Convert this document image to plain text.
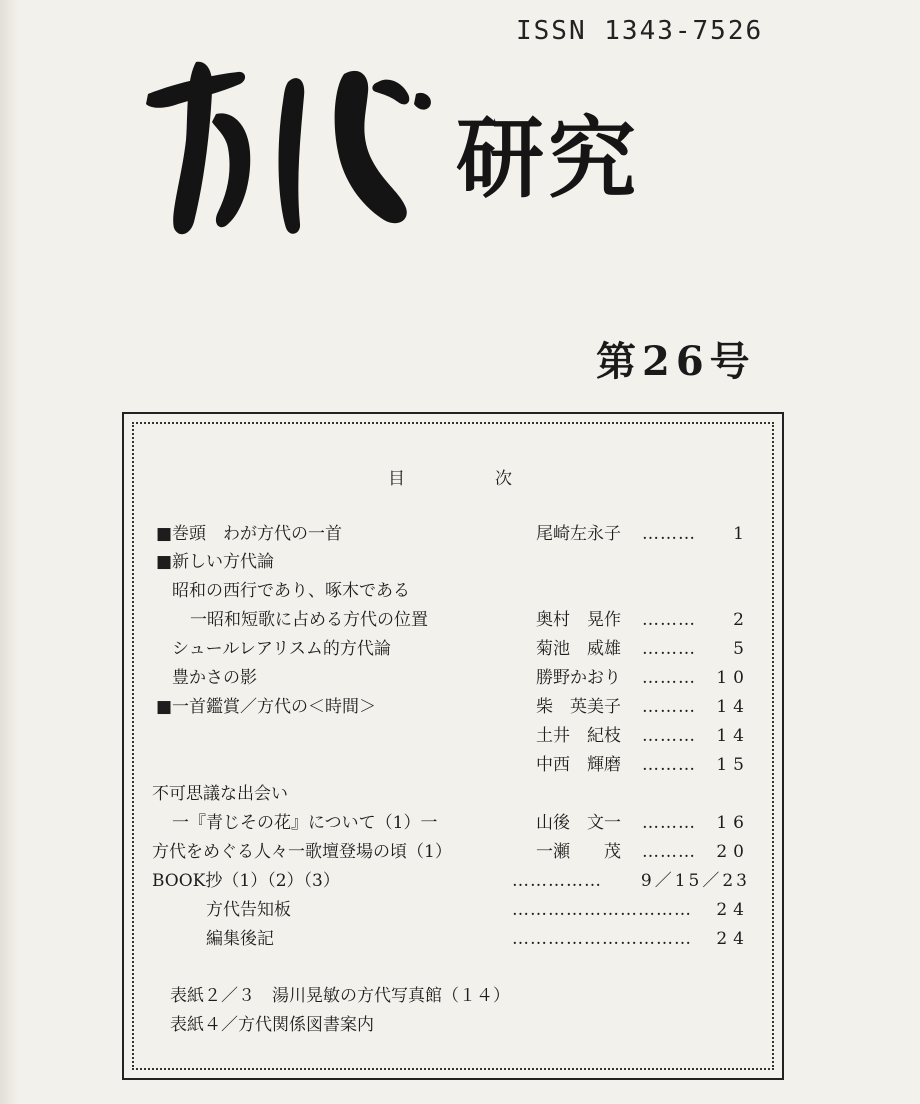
ISSN 1343-7526
研究
第26号
目	次
■巻頭　わが方代の一首	尾崎左永子 ………	1
■新しい方代論
昭和の西行であり、啄木である
一昭和短歌に占める方代の位置	奥村　晃作 ………	2
シュールレアリスム的方代論	菊池　威雄 ………	5
豊かさの影	勝野かおり ………	10
■一首鑑賞／方代の＜時間＞	柴　英美子 ………	14
土井　紀枝 ………	14
中西　輝磨 ………	15
不可思議な出会い
一『青じその花』について（1）一	山後　文一 ………	16
方代をめぐる人々一歌壇登場の頃（1）	一瀬　　茂 ………	20
BOOK抄（1）（2）（3）	……………	9／15／23
方代告知板	…………………………	24
編集後記	…………………………	24
表紙２／３　湯川晃敏の方代写真館（１４）
表紙４／方代関係図書案内
